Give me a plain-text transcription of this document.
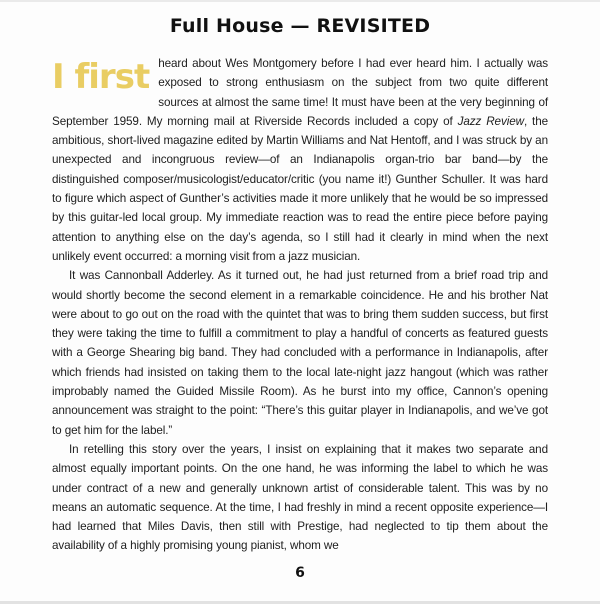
Full House — REVISITED

I first heard about Wes Montgomery before I had ever heard him. I actually was exposed to strong enthusiasm on the subject from two quite different sources at almost the same time! It must have been at the very beginning of September 1959. My morning mail at Riverside Records included a copy of Jazz Review, the ambitious, short-lived magazine edited by Martin Williams and Nat Hentoff, and I was struck by an unexpected and incongruous review—of an Indianapolis organ-trio bar band—by the distinguished composer/musicologist/educator/critic (you name it!) Gunther Schuller. It was hard to figure which aspect of Gunther’s activities made it more unlikely that he would be so impressed by this guitar-led local group. My immediate reaction was to read the entire piece before paying attention to anything else on the day’s agenda, so I still had it clearly in mind when the next unlikely event occurred: a morning visit from a jazz musician.

It was Cannonball Adderley. As it turned out, he had just returned from a brief road trip and would shortly become the second element in a remarkable coincidence. He and his brother Nat were about to go out on the road with the quintet that was to bring them sudden success, but first they were taking the time to fulfill a commitment to play a handful of concerts as featured guests with a George Shearing big band. They had concluded with a performance in Indianapolis, after which friends had insisted on taking them to the local late-night jazz hangout (which was rather improbably named the Guided Missile Room). As he burst into my office, Cannon’s opening announcement was straight to the point: “There’s this guitar player in Indianapolis, and we’ve got to get him for the label.”

In retelling this story over the years, I insist on explaining that it makes two separate and almost equally important points. On the one hand, he was informing the label to which he was under contract of a new and generally unknown artist of considerable talent. This was by no means an automatic sequence. At the time, I had freshly in mind a recent opposite experience—I had learned that Miles Davis, then still with Prestige, had neglected to tip them about the availability of a highly promising young pianist, whom we

6
